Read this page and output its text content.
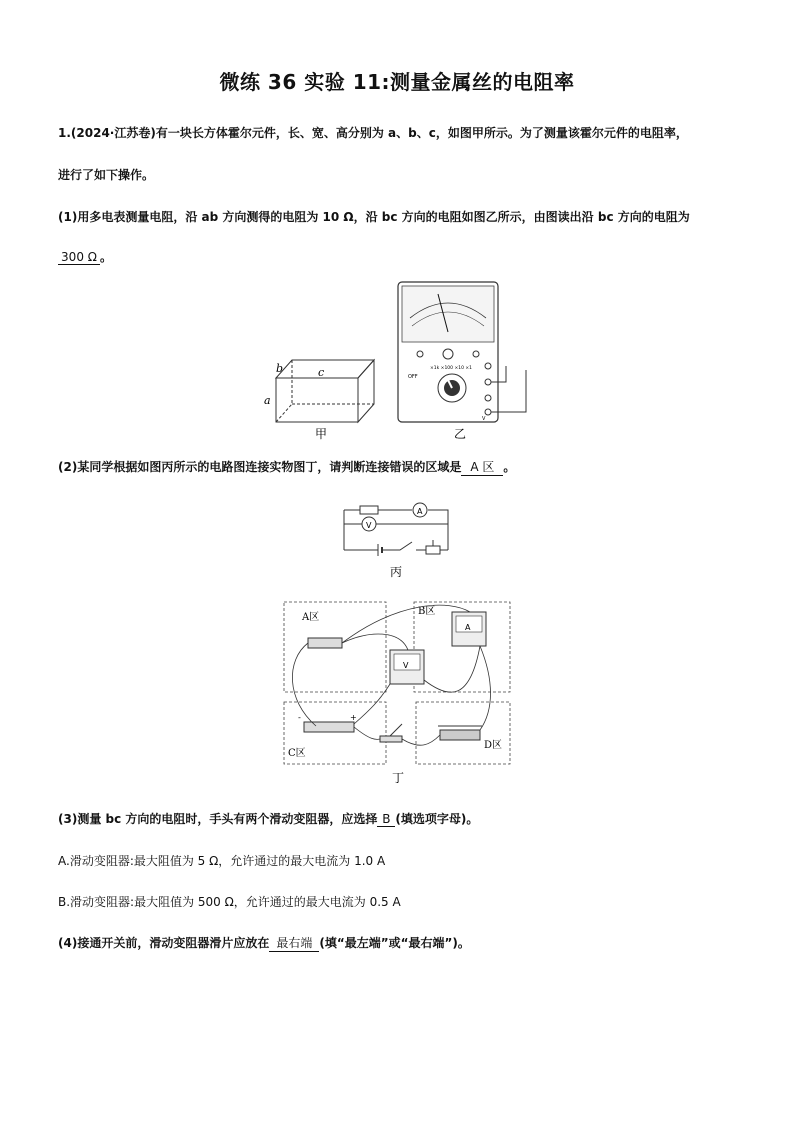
微练 36 实验 11:测量金属丝的电阻率
1.(2024·江苏卷)有一块长方体霍尔元件，长、宽、高分别为 a、b、c，如图甲所示。为了测量该霍尔元件的电阻率，
进行了如下操作。
(1)用多电表测量电阻，沿 ab 方向测得的电阻为 10 Ω，沿 bc 方向的电阻如图乙所示，由图读出沿 bc 方向的电阻为
300 Ω 。
b	c
a
甲
OFF
×1k ×100 ×10 ×1
V
乙
(2)某同学根据如图丙所示的电路图连接实物图丁，请判断连接错误的区域是 A 区 。
A
V
丙
A区
B区
C区
D区
V
A
+
-
丁
(3)测量 bc 方向的电阻时，手头有两个滑动变阻器，应选择 B (填选项字母)。
A.滑动变阻器:最大阻值为 5 Ω，允许通过的最大电流为 1.0 A
B.滑动变阻器:最大阻值为 500 Ω，允许通过的最大电流为 0.5 A
(4)接通开关前，滑动变阻器滑片应放在 最右端 (填“最左端”或“最右端”)。
